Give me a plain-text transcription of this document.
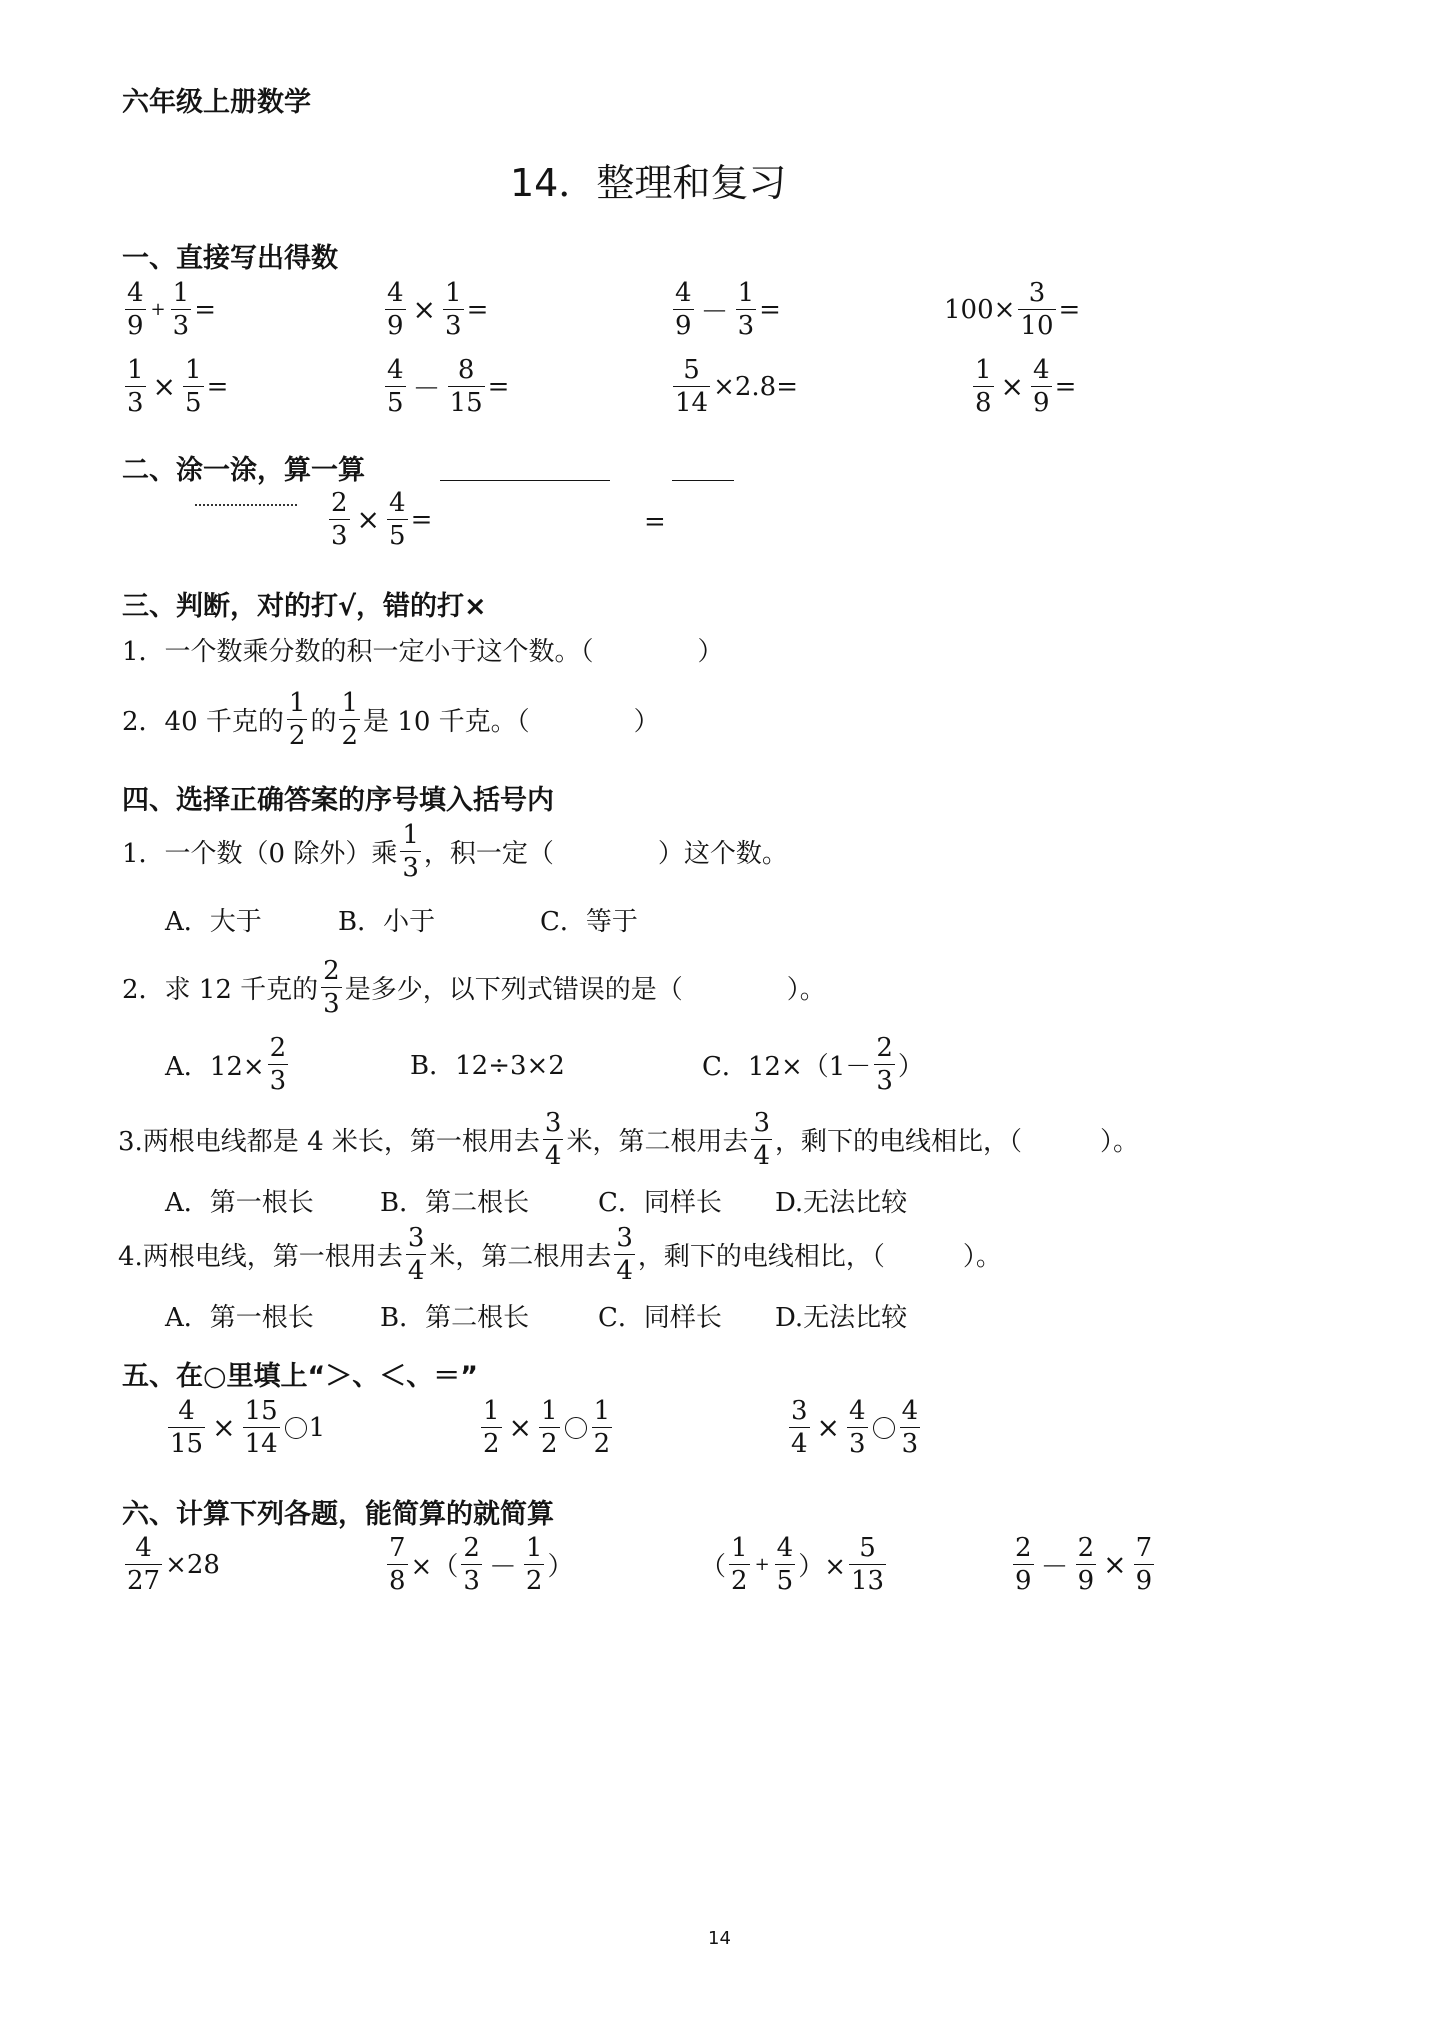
六年级上册数学
14．整理和复习
一、直接写出得数
$\frac{4}{9} + \frac{1}{3}$ =	$\frac{4}{9} \times \frac{1}{3}$ =	$\frac{4}{9} - \frac{1}{3}$ =	$100\times \frac{3}{10}$ =
$\frac{1}{3} \times \frac{1}{5}$ =	$\frac{4}{5} - \frac{8}{15}$ =	$\frac{5}{14} \times 2.8=$	$\frac{1}{8} \times \frac{4}{9}$ =
二、涂一涂，算一算
$\frac{2}{3} \times \frac{4}{5}$ =	=
三、判断，对的打√，错的打×
1．一个数乘分数的积一定小于这个数。（　　　　）
2．40 千克的 $\frac{1}{2}$ 的 $\frac{1}{2}$ 是 10 千克。（　　　　）
四、选择正确答案的序号填入括号内
1．一个数（0 除外）乘 $\frac{1}{3}$ ，积一定（　　　　）这个数。
A．大于	B．小于	C．等于
2．求 12 千克的 $\frac{2}{3}$ 是多少，以下列式错误的是（　　　　）。
A．$12\times \frac{2}{3}$	B．12÷3×2	C．$12\times(1- \frac{2}{3}$ ）
3.两根电线都是 4 米长，第一根用去 $\frac{3}{4}$ 米，第二根用去 $\frac{3}{4}$ ，剩下的电线相比，（　　　）。
A．第一根长	B．第二根长	C．同样长 D.无法比较
4.两根电线，第一根用去 $\frac{3}{4}$ 米，第二根用去 $\frac{3}{4}$ ，剩下的电线相比，（　　　）。
A．第一根长	B．第二根长	C．同样长 D.无法比较
五、在○里填上“＞、＜、＝”
$\frac{4}{15} \times \frac{15}{14} 1$	$\frac{1}{2} \times \frac{1}{2} \frac{1}{2}$	$\frac{3}{4} \times \frac{4}{3} \frac{4}{3}$
六、计算下列各题，能简算的就简算
$\frac{4}{27} \times 28$	$\frac{7}{8}$ ×（ $\frac{2}{3} - \frac{1}{2}$ ）	（ $\frac{1}{2} + \frac{4}{5}$ ）× $\frac{5}{13}$	$\frac{2}{9} - \frac{2}{9} \times \frac{7}{9}$
14
